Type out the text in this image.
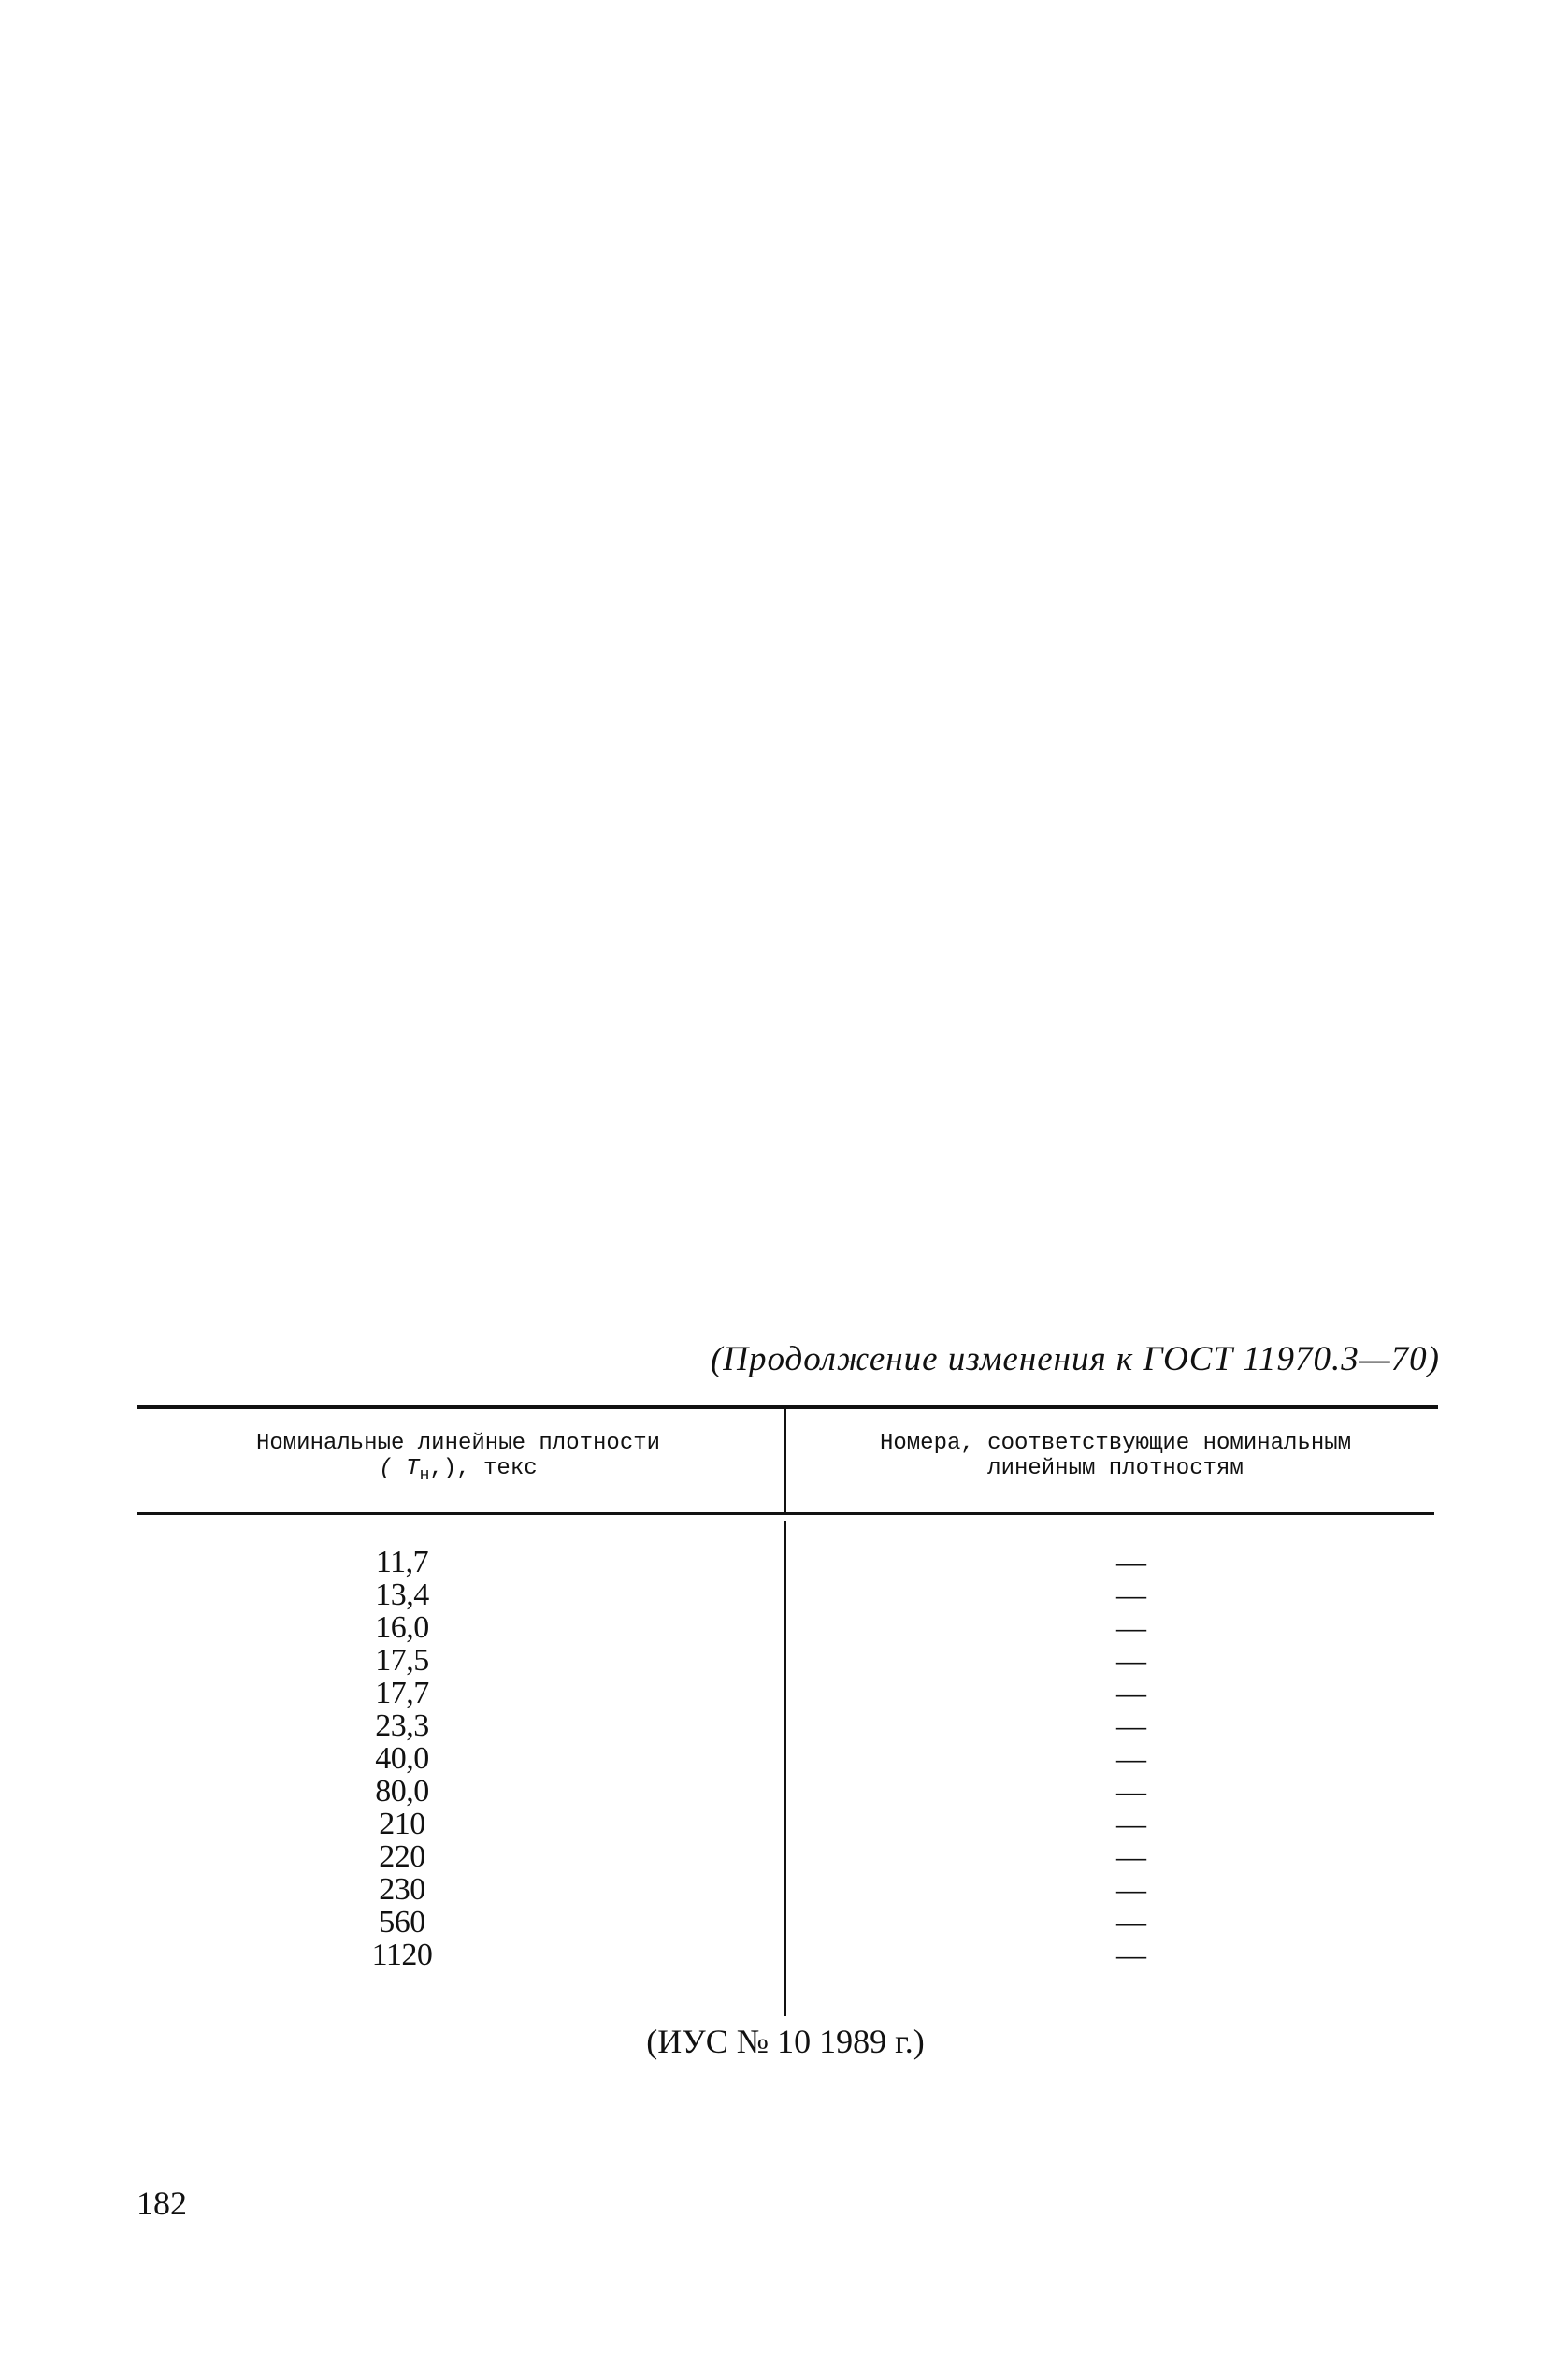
(Продолжение изменения к ГОСТ 11970.3—70)
Номинальные линейные плотности
( $T_н$,), текс
Номера, соответствующие номинальным
линейным плотностям
11,7
13,4
16,0
17,5
17,7
23,3
40,0
80,0
210
220
230
560
1120
—
—
—
—
—
—
—
—
—
—
—
—
—
(ИУС № 10 1989 г.)
182
